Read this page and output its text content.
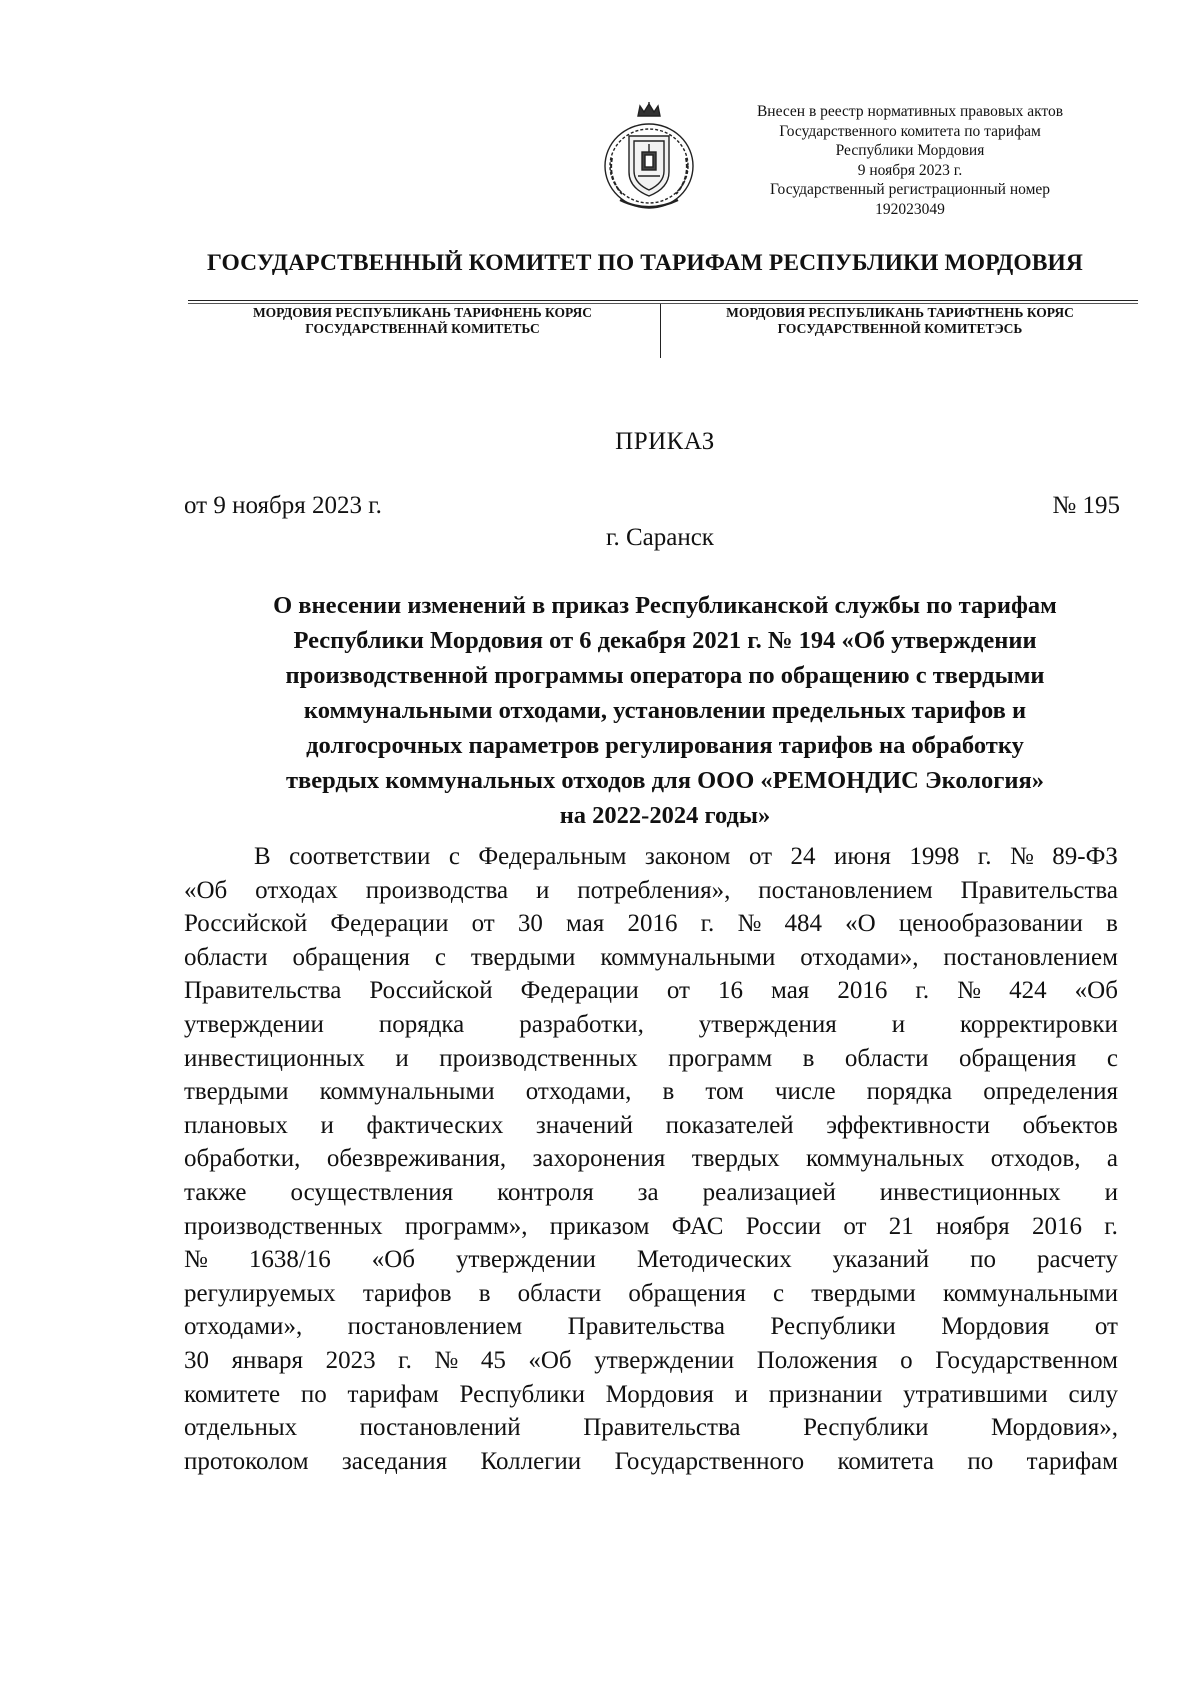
Внесен в реестр нормативных правовых актов
Государственного комитета по тарифам
Республики Мордовия
9 ноября 2023 г.
Государственный регистрационный номер
192023049
ГОСУДАРСТВЕННЫЙ КОМИТЕТ ПО ТАРИФАМ РЕСПУБЛИКИ МОРДОВИЯ
МОРДОВИЯ РЕСПУБЛИКАНЬ ТАРИФНЕНЬ КОРЯС
ГОСУДАРСТВЕННАЙ КОМИТЕТЬС
МОРДОВИЯ РЕСПУБЛИКАНЬ ТАРИФТНЕНЬ КОРЯС
ГОСУДАРСТВЕННОЙ КОМИТЕТЭСЬ
ПРИКАЗ
от 9 ноября 2023 г.	№ 195
г. Саранск
О внесении изменений в приказ Республиканской службы по тарифам
Республики Мордовия от 6 декабря 2021 г. № 194 «Об утверждении
производственной программы оператора по обращению с твердыми
коммунальными отходами, установлении предельных тарифов и
долгосрочных параметров регулирования тарифов на обработку
твердых коммунальных отходов для ООО «РЕМОНДИС Экология»
на 2022-2024 годы»
В соответствии с Федеральным законом от 24 июня 1998 г. № 89-ФЗ
«Об отходах производства и потребления», постановлением Правительства
Российской Федерации от 30 мая 2016 г. № 484 «О ценообразовании в
области обращения с твердыми коммунальными отходами», постановлением
Правительства Российской Федерации от 16 мая 2016 г. № 424 «Об
утверждении порядка разработки, утверждения и корректировки
инвестиционных и производственных программ в области обращения с
твердыми коммунальными отходами, в том числе порядка определения
плановых и фактических значений показателей эффективности объектов
обработки, обезвреживания, захоронения твердых коммунальных отходов, а
также осуществления контроля за реализацией инвестиционных и
производственных программ», приказом ФАС России от 21 ноября 2016 г.
№ 1638/16 «Об утверждении Методических указаний по расчету
регулируемых тарифов в области обращения с твердыми коммунальными
отходами», постановлением Правительства Республики Мордовия от
30 января 2023 г. № 45 «Об утверждении Положения о Государственном
комитете по тарифам Республики Мордовия и признании утратившими силу
отдельных	постановлений	Правительства	Республики	Мордовия»,
протоколом заседания Коллегии Государственного комитета по тарифам
